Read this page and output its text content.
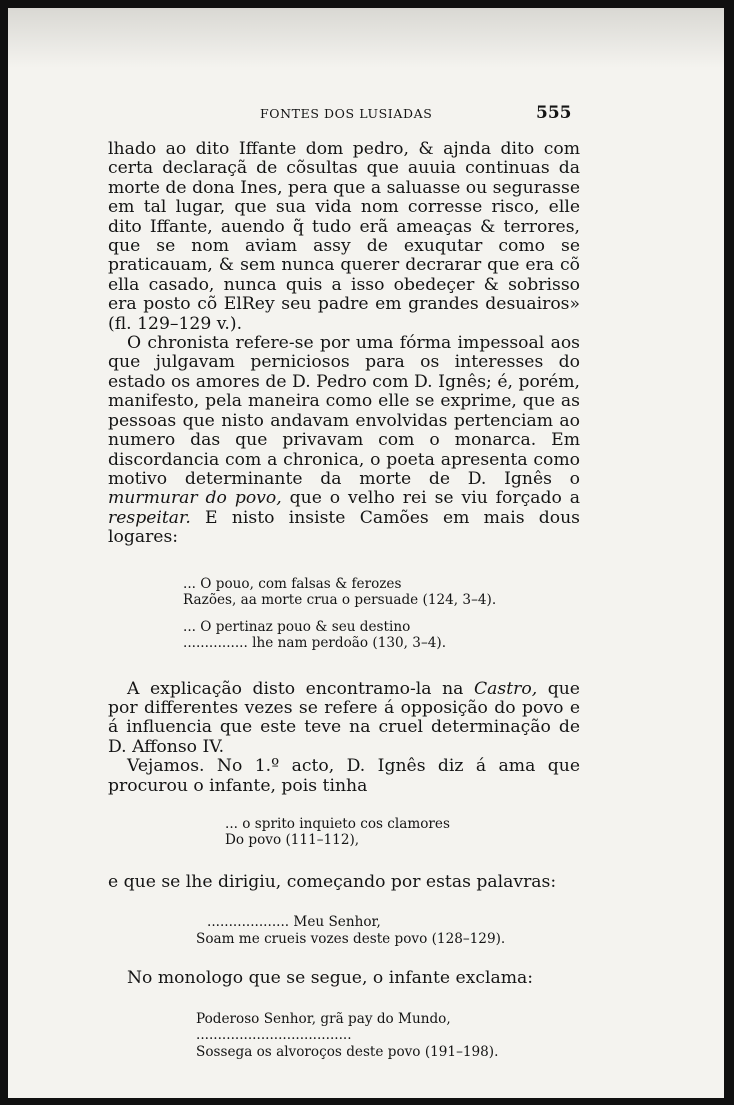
FONTES DOS LUSIADAS	555

lhado ao dito Iffante dom pedro, & ajnda dito com certa declaraçã de cõsultas que auuia continuas da morte de dona Ines, pera que a saluasse ou segurasse em tal lugar, que sua vida nom corresse risco, elle dito Iffante, auendo q̃ tudo erã ameaças & terrores, que se nom aviam assy de exuqutar como se praticauam, & sem nunca querer decrarar que era cõ ella casado, nunca quis a isso obedeçer & sobrisso era posto cõ ElRey seu padre em grandes desuairos» (fl. 129–129 v.).

O chronista refere-se por uma fórma impessoal aos que julgavam perniciosos para os interesses do estado os amores de D. Pedro com D. Ignês; é, porém, manifesto, pela maneira como elle se exprime, que as pessoas que nisto andavam envolvidas pertenciam ao numero das que privavam com o monarca. Em discordancia com a chronica, o poeta apresenta como motivo determinante da morte de D. Ignês o murmurar do povo, que o velho rei se viu forçado a respeitar. E nisto insiste Camões em mais dous logares:

... O pouo, com falsas & ferozes
Razões, aa morte crua o persuade (124, 3–4).
... O pertinaz pouo & seu destino
............... lhe nam perdoão (130, 3–4).

A explicação disto encontramo-la na Castro, que por differentes vezes se refere á opposição do povo e á influencia que este teve na cruel determinação de D. Affonso IV.

Vejamos. No 1.º acto, D. Ignês diz á ama que procurou o infante, pois tinha

... o sprito inquieto cos clamores
Do povo (111–112),

e que se lhe dirigiu, começando por estas palavras:

................... Meu Senhor,
Soam me crueis vozes deste povo (128–129).

No monologo que se segue, o infante exclama:

Poderoso Senhor, grã pay do Mundo,
....................................
Sossega os alvoroços deste povo (191–198).
